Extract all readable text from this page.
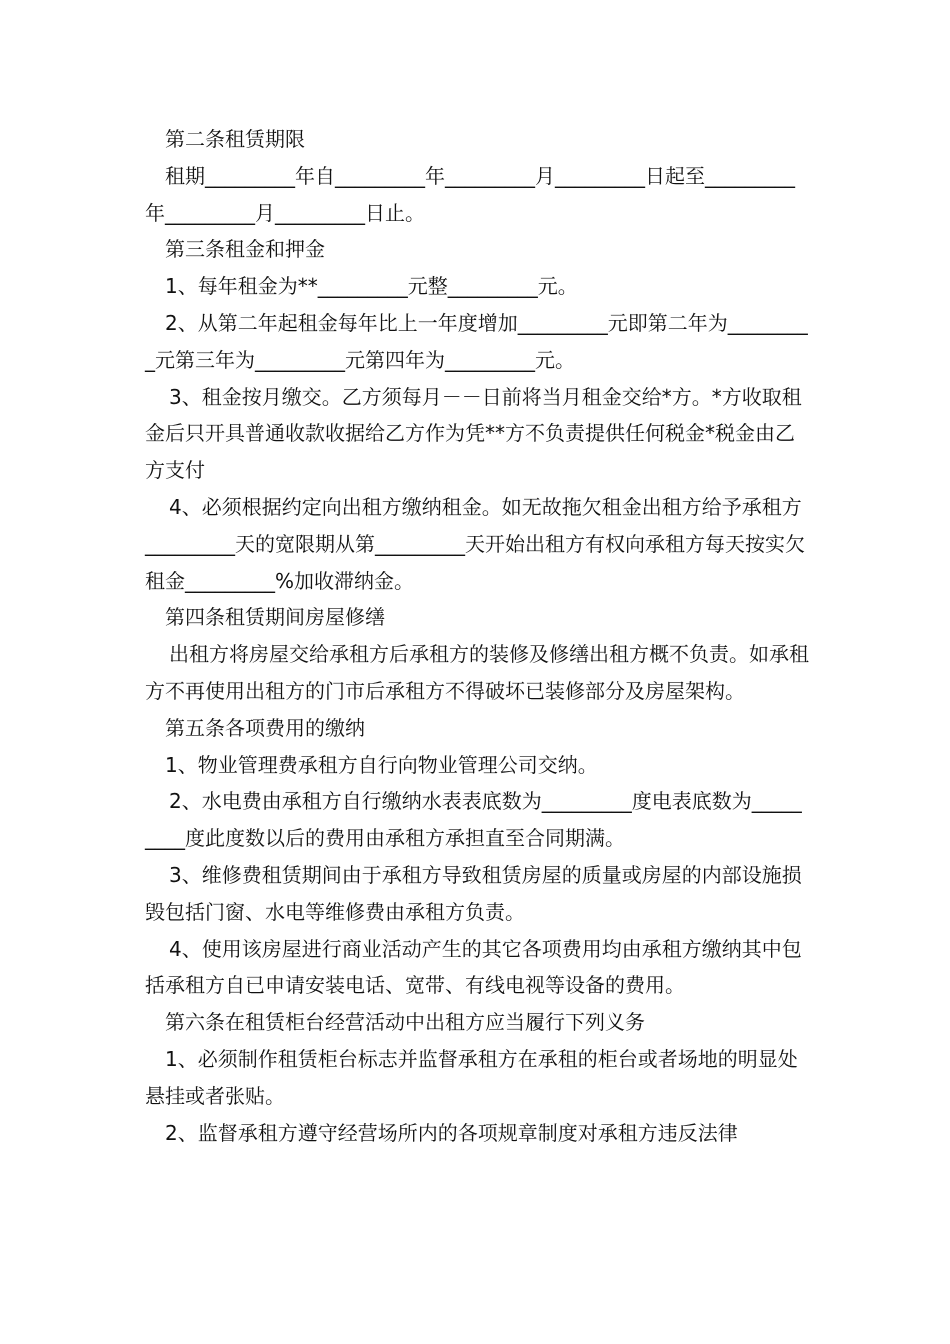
第二条租赁期限

租期_________年自_________年_________月_________日起至_________年_________月_________日止。

第三条租金和押金

1、每年租金为**_________元整_________元。

2、从第二年起租金每年比上一年度增加_________元即第二年为_________元第三年为_________元第四年为_________元。

3、租金按月缴交。乙方须每月－－日前将当月租金交给*方。*方收取租金后只开具普通收款收据给乙方作为凭**方不负责提供任何税金*税金由乙方支付

4、必须根据约定向出租方缴纳租金。如无故拖欠租金出租方给予承租方_________天的宽限期从第_________天开始出租方有权向承租方每天按实欠租金_________%加收滞纳金。

第四条租赁期间房屋修缮

出租方将房屋交给承租方后承租方的装修及修缮出租方概不负责。如承租方不再使用出租方的门市后承租方不得破坏已装修部分及房屋架构。

第五条各项费用的缴纳

1、物业管理费承租方自行向物业管理公司交纳。

2、水电费由承租方自行缴纳水表表底数为_________度电表底数为_________度此度数以后的费用由承租方承担直至合同期满。

3、维修费租赁期间由于承租方导致租赁房屋的质量或房屋的内部设施损毁包括门窗、水电等维修费由承租方负责。

4、使用该房屋进行商业活动产生的其它各项费用均由承租方缴纳其中包括承租方自已申请安装电话、宽带、有线电视等设备的费用。

第六条在租赁柜台经营活动中出租方应当履行下列义务

1、必须制作租赁柜台标志并监督承租方在承租的柜台或者场地的明显处悬挂或者张贴。

2、监督承租方遵守经营场所内的各项规章制度对承租方违反法律
